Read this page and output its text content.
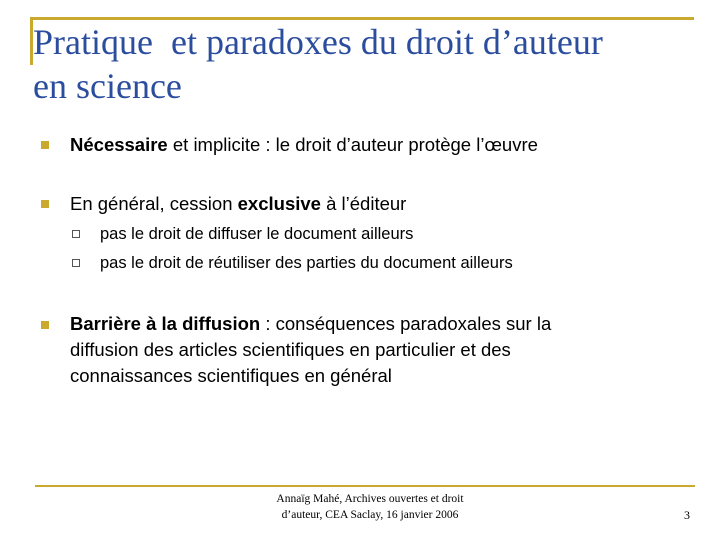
Pratique  et paradoxes du droit d’auteur
en science
Nécessaire et implicite : le droit d’auteur protège l’œuvre
En général, cession exclusive à l’éditeur
pas le droit de diffuser le document ailleurs
pas le droit de réutiliser des parties du document ailleurs
Barrière à la diffusion : conséquences paradoxales sur la
diffusion des articles scientifiques en particulier et des
connaissances scientifiques en général
Annaïg Mahé, Archives ouvertes et droit
d’auteur, CEA Saclay, 16 janvier 2006	3
